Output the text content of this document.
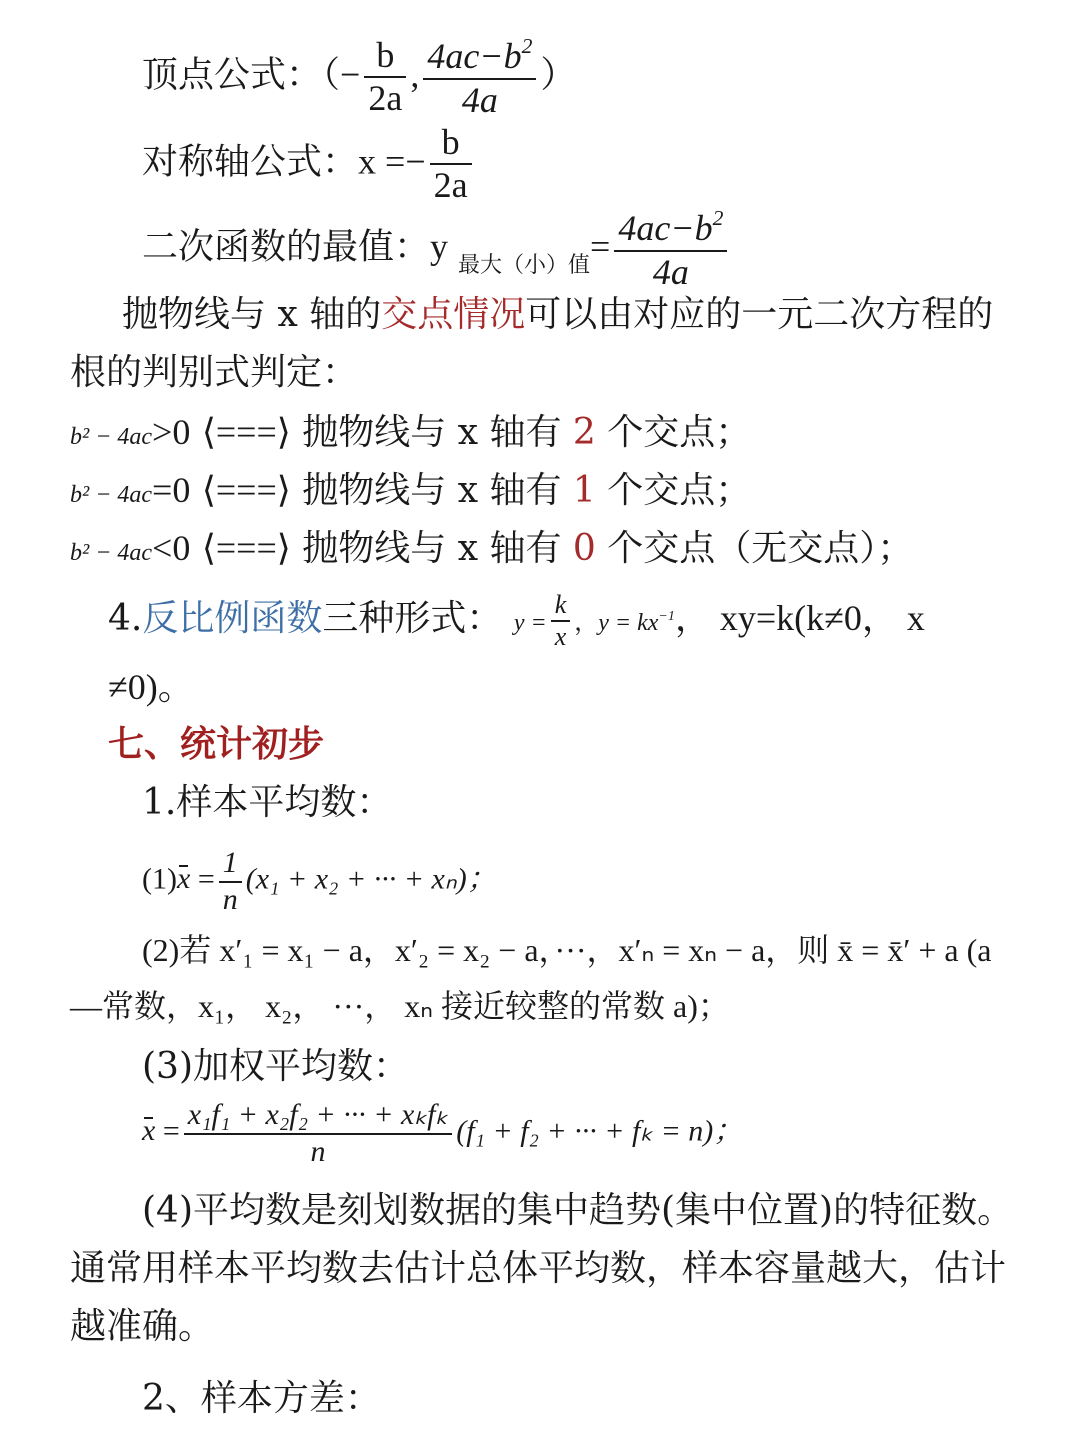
顶点公式：（− $\frac{b}{2a}$ , $\frac{4ac-b^2}{4a}$ ）
对称轴公式：$x =- \frac{b}{2a}$
二次函数的最值：y $_{最大(小)值}= \frac{4ac-b^2}{4a}$
抛物线与 x 轴的交点情况可以由对应的一元二次方程的
根的判别式判定：
b² − 4ac>0 ⟨===⟩ 抛物线与 x 轴有 2 个交点；
b² − 4ac=0 ⟨===⟩ 抛物线与 x 轴有 1 个交点；
b² − 4ac<0 ⟨===⟩ 抛物线与 x 轴有 0 个交点（无交点）；
4.反比例函数三种形式： $y = \frac{k}{x}$ ，$y = kx^{-1}$， xy=k(k≠0， x
≠0)。
七、统计初步
1.样本平均数：
$(1)x = \frac{1}{n} (x_1 + x_2$ + ··· + xₙ)；
(2)若 x′₁ = x₁ − a，x′₂ = x₂ − a，···，x′ₙ = xₙ − a，则 x̄ = x̄′ + a (a
—常数，x₁， x₂， ···， xₙ 接近较整的常数 a)；
(3)加权平均数：
$x = \frac{\text{x₁f₁ + x₂f₂ + ··· + xₖfₖ}}{n} (f_1 + f_2$ + ··· + fₖ = n)；
(4)平均数是刻划数据的集中趋势(集中位置)的特征数。
通常用样本平均数去估计总体平均数，样本容量越大，估计
越准确。
2、样本方差：
